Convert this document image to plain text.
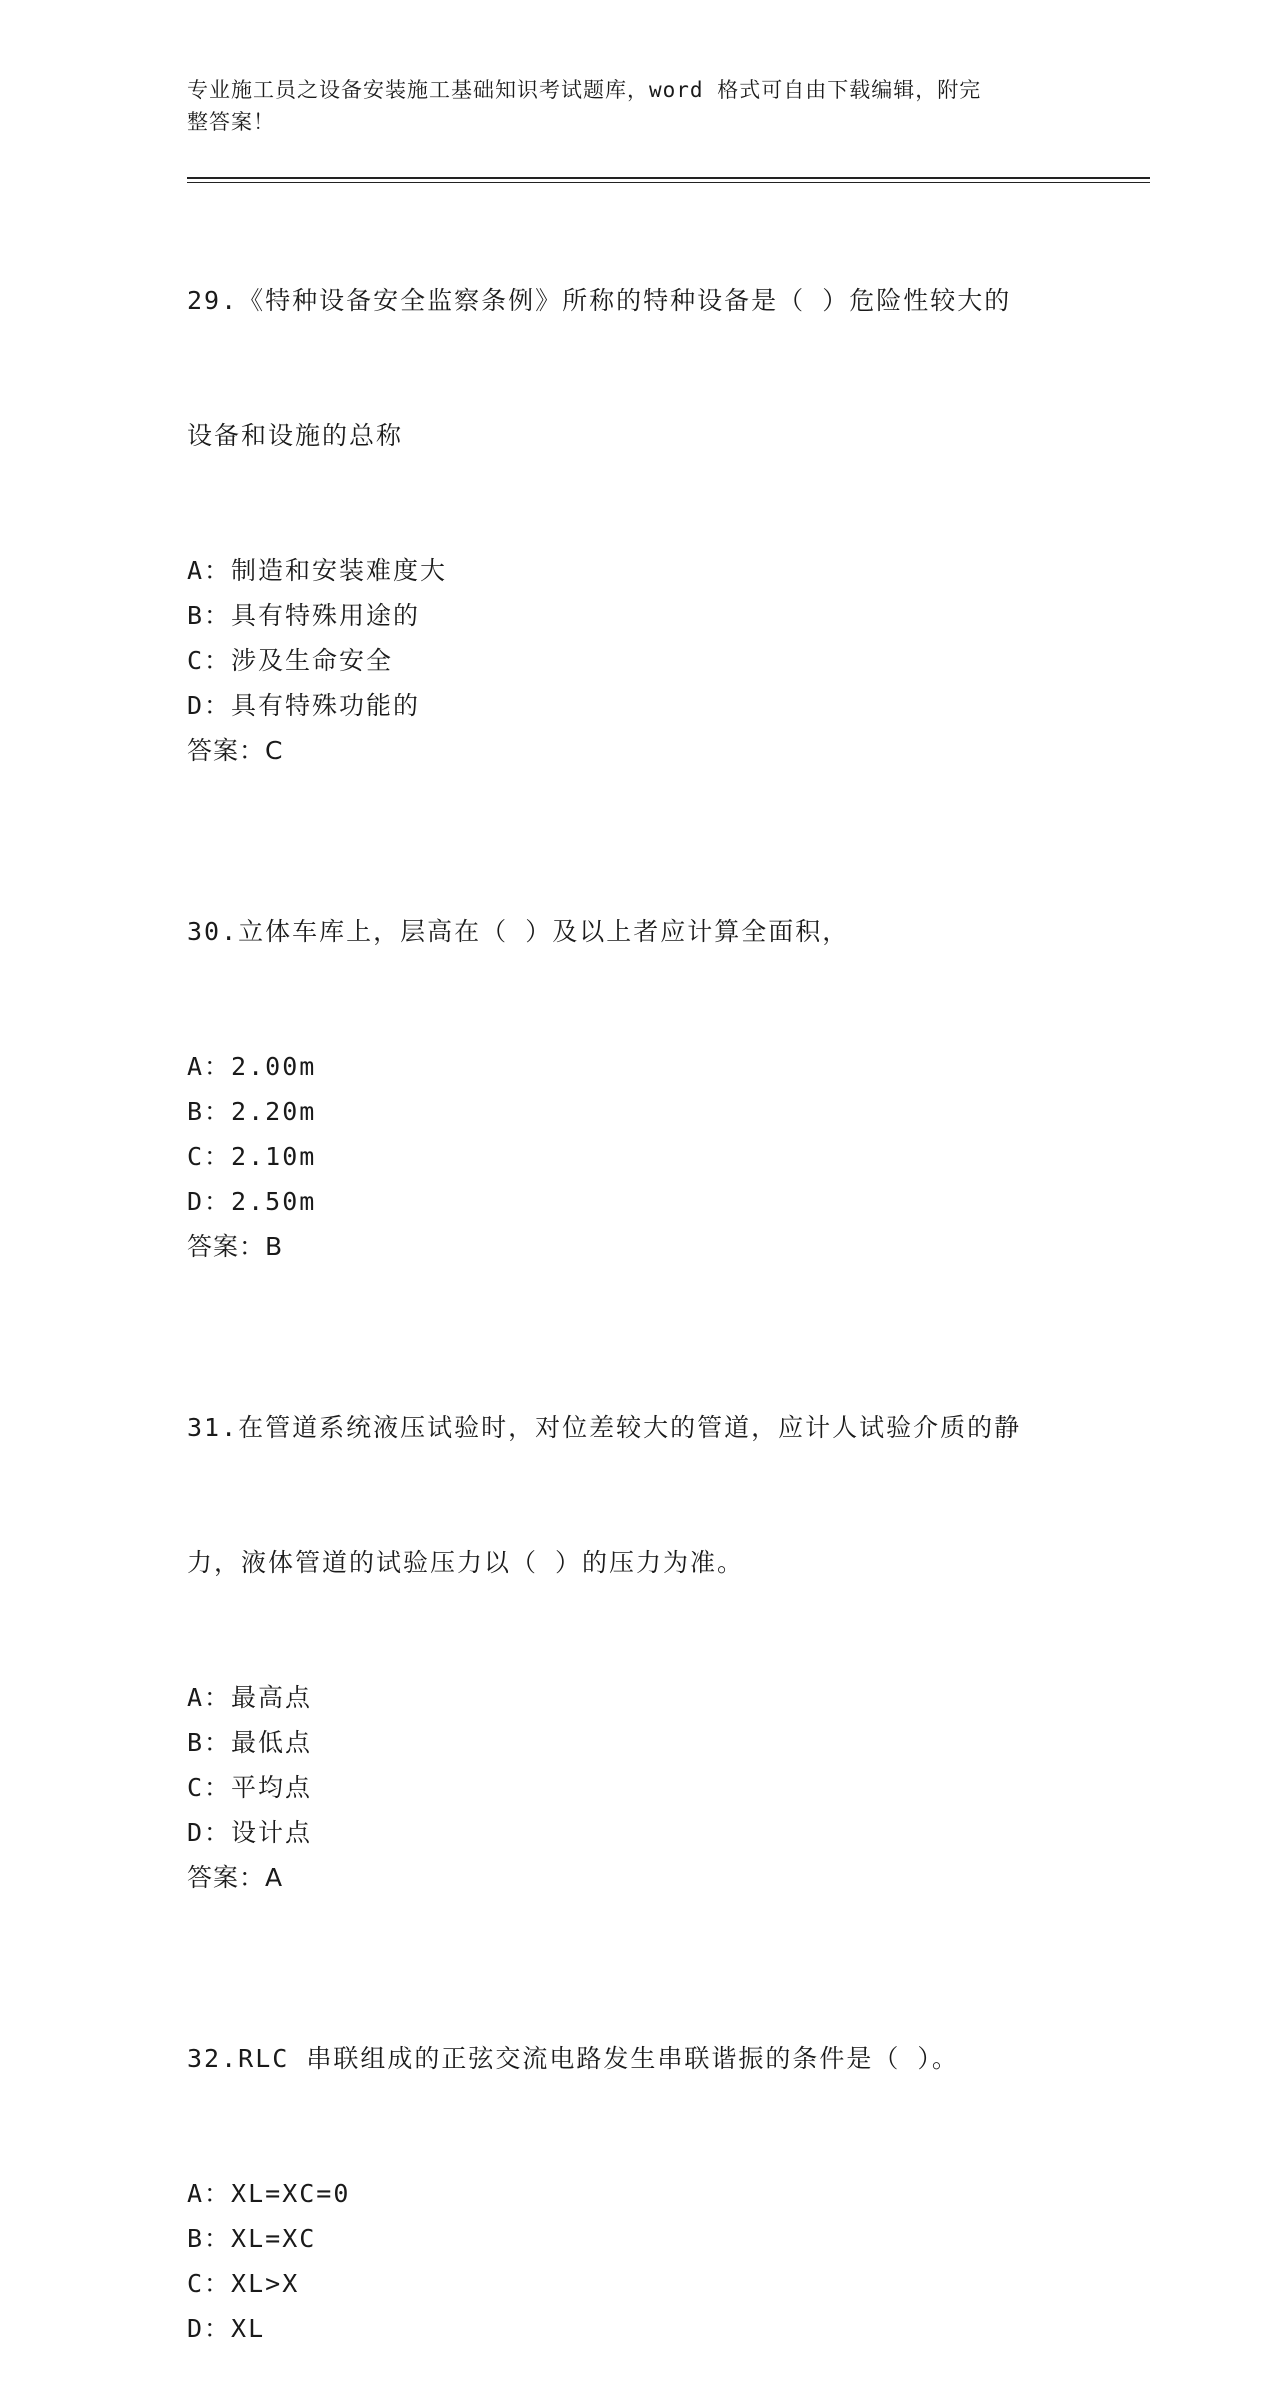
专业施工员之设备安装施工基础知识考试题库，word 格式可自由下载编辑，附完
整答案！

29.《特种设备安全监察条例》所称的特种设备是（ ）危险性较大的

设备和设施的总称

A：制造和安装难度大
B：具有特殊用途的
C：涉及生命安全
D：具有特殊功能的
答案：C

30.立体车库上，层高在（ ）及以上者应计算全面积，

A：2.00m
B：2.20m
C：2.10m
D：2.50m
答案：B

31.在管道系统液压试验时，对位差较大的管道，应计人试验介质的静

力，液体管道的试验压力以（ ）的压力为准。

A：最高点
B：最低点
C：平均点
D：设计点
答案：A

32.RLC 串联组成的正弦交流电路发生串联谐振的条件是（ ）。

A：XL=XC=0
B：XL=XC
C：XL>X
D：XL
